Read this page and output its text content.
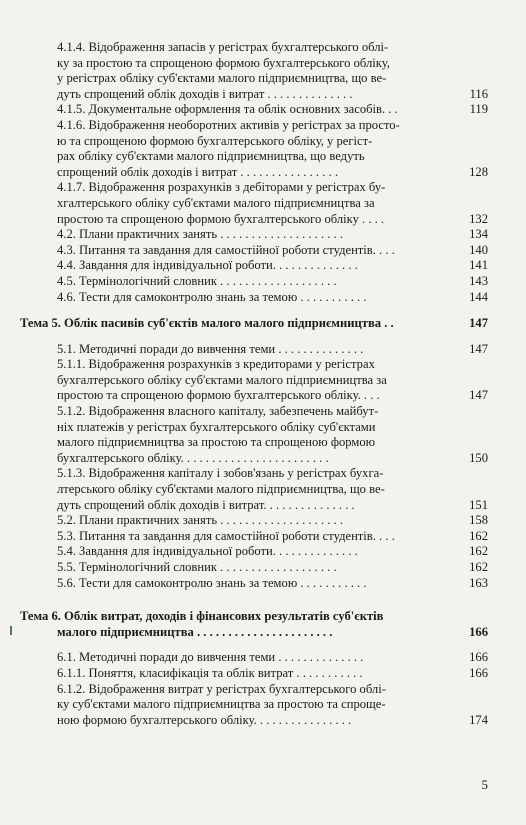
4.1.4. Відображення запасів у регістрах бухгалтерського облі-
ку за простою та спрощеною формою бухгалтерського обліку,
у регістрах обліку суб'єктами малого підприємництва, що ве-
дуть спрощений облік доходів і витрат . . . . . . . . . . . . . .	116
4.1.5. Документальне оформлення та облік основних засобів. . .	119
4.1.6. Відображення необоротних активів у регістрах за просто-
ю та спрощеною формою бухгалтерського обліку, у регіст-
рах обліку суб'єктами малого підприємництва, що ведуть
спрощений облік доходів і витрат . . . . . . . . . . . . . . . .	128
4.1.7. Відображення розрахунків з дебіторами у регістрах бу-
хгалтерського обліку суб'єктами малого підприємництва за
простою та спрощеною формою бухгалтерського обліку . . . .	132
4.2. Плани практичних занять . . . . . . . . . . . . . . . . . . . .	134
4.3. Питання та завдання для самостійної роботи студентів. . . .	140
4.4. Завдання для індивідуальної роботи. . . . . . . . . . . . . .	141
4.5. Термінологічний словник . . . . . . . . . . . . . . . . . . .	143
4.6. Тести для самоконтролю знань за темою . . . . . . . . . . .	144
Тема 5. Облік пасивів суб'єктів малого малого підприємництва . .	147
5.1. Методичні поради до вивчення теми . . . . . . . . . . . . . .	147
5.1.1. Відображення розрахунків з кредиторами у регістрах
бухгалтерського обліку суб'єктами малого підприємництва за
простою та спрощеною формою бухгалтерського обліку. . . .	147
5.1.2. Відображення власного капіталу, забезпечень майбут-
ніх платежів у регістрах бухгалтерського обліку суб'єктами
малого підприємництва за простою та спрощеною формою
бухгалтерського обліку. . . . . . . . . . . . . . . . . . . . . . . .	150
5.1.3. Відображення капіталу і зобов'язань у регістрах бухга-
лтерського обліку суб'єктами малого підприємництва, що ве-
дуть спрощений облік доходів і витрат. . . . . . . . . . . . . . .	151
5.2. Плани практичних занять . . . . . . . . . . . . . . . . . . . .	158
5.3. Питання та завдання для самостійної роботи студентів. . . .	162
5.4. Завдання для індивідуальної роботи. . . . . . . . . . . . . .	162
5.5. Термінологічний словник . . . . . . . . . . . . . . . . . . .	162
5.6. Тести для самоконтролю знань за темою . . . . . . . . . . .	163
Тема 6. Облік витрат, доходів і фінансових результатів суб'єктів
малого підприємництва . . . . . . . . . . . . . . . . . . . . . .	166
6.1. Методичні поради до вивчення теми . . . . . . . . . . . . . .	166
6.1.1. Поняття, класифікація та облік витрат . . . . . . . . . . .	166
6.1.2. Відображення витрат у регістрах бухгалтерського облі-
ку суб'єктами малого підприємництва за простою та спроще-
ною формою бухгалтерського обліку. . . . . . . . . . . . . . . .	174
5
